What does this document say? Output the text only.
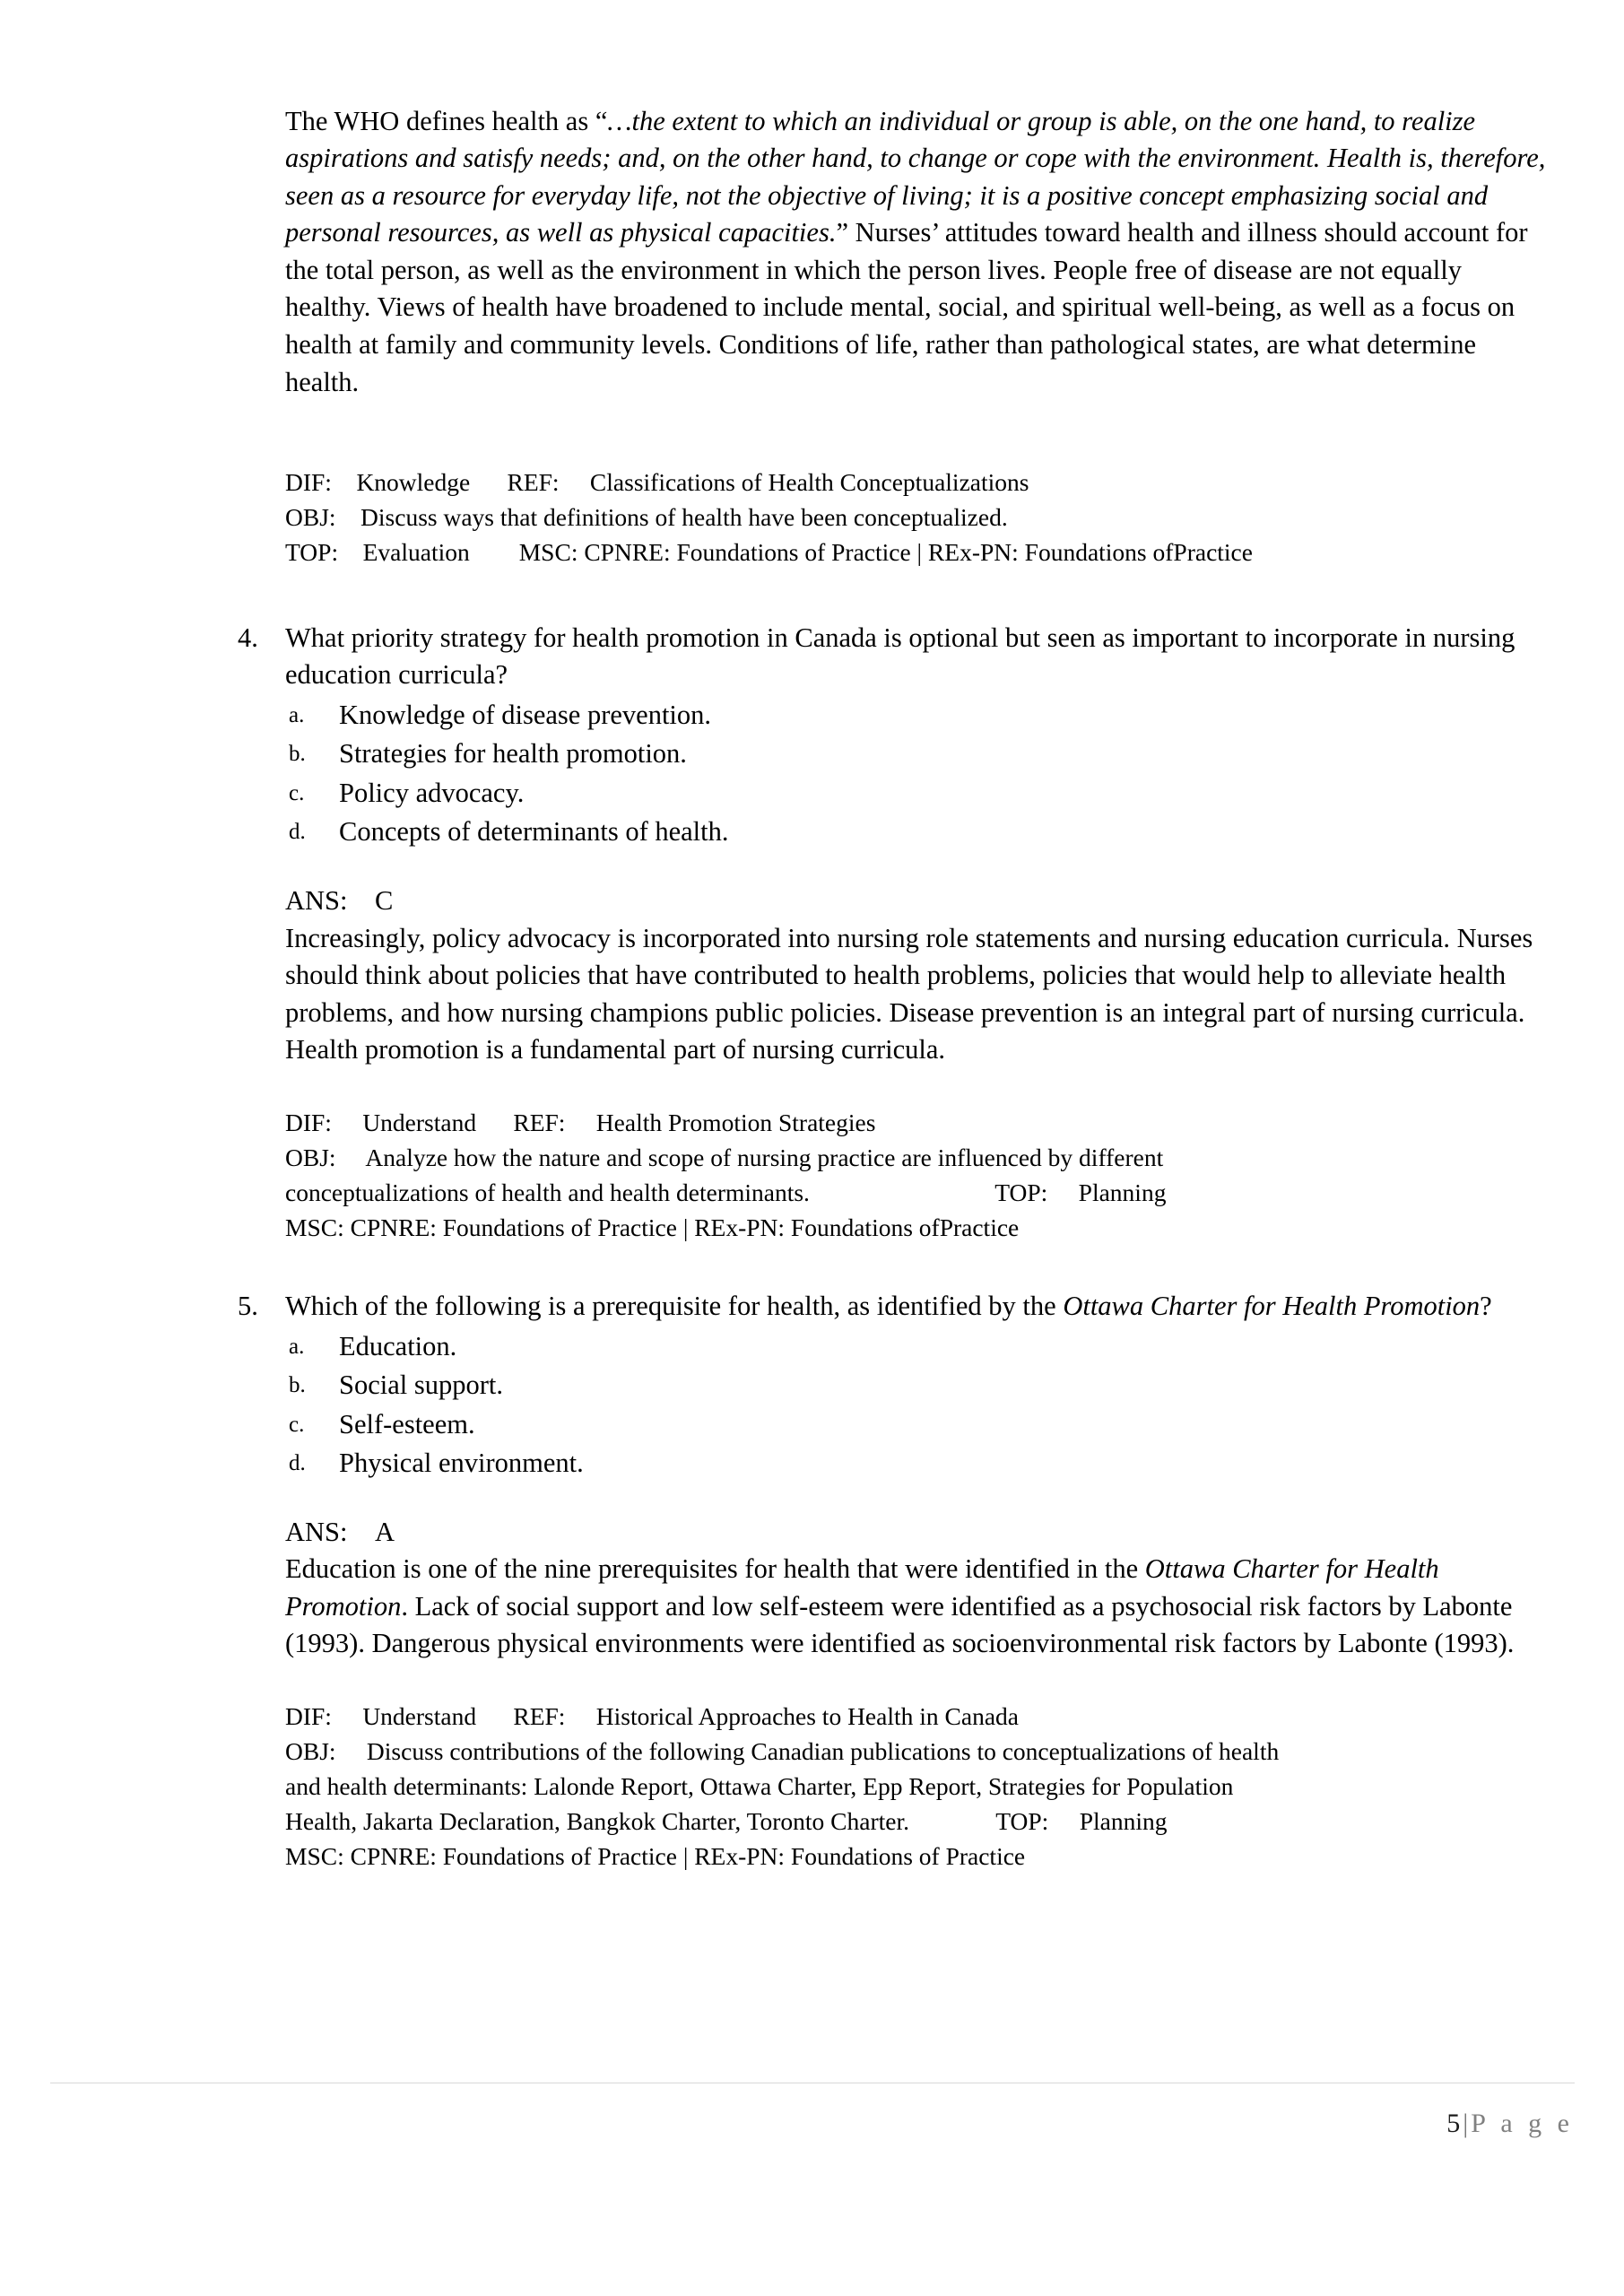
The WHO defines health as “…the extent to which an individual or group is able, on the one hand, to realize aspirations and satisfy needs; and, on the other hand, to change or cope with the environment. Health is, therefore, seen as a resource for everyday life, not the objective of living; it is a positive concept emphasizing social and personal resources, as well as physical capacities.” Nurses’ attitudes toward health and illness should account for the total person, as well as the environment in which the person lives. People free of disease are not equally healthy. Views of health have broadened to include mental, social, and spiritual well-being, as well as a focus on health at family and community levels. Conditions of life, rather than pathological states, are what determine health.

DIF: Knowledge  REF:  Classifications of Health Conceptualizations
OBJ: Discuss ways that definitions of health have been conceptualized.
TOP: Evaluation  MSC: CPNRE: Foundations of Practice | REx-PN: Foundations ofPractice
4. What priority strategy for health promotion in Canada is optional but seen as important to incorporate in nursing education curricula?
a. Knowledge of disease prevention.
b. Strategies for health promotion.
c. Policy advocacy.
d. Concepts of determinants of health.
ANS:  C
Increasingly, policy advocacy is incorporated into nursing role statements and nursing education curricula. Nurses should think about policies that have contributed to health problems, policies that would help to alleviate health problems, and how nursing champions public policies. Disease prevention is an integral part of nursing curricula. Health promotion is a fundamental part of nursing curricula.
DIF:  Understand  REF:  Health Promotion Strategies
OBJ:  Analyze how the nature and scope of nursing practice are influenced by different
conceptualizations of health and health determinants.        	TOP:  Planning
MSC: CPNRE: Foundations of Practice | REx-PN: Foundations ofPractice
5. Which of the following is a prerequisite for health, as identified by the Ottawa Charter for Health Promotion?
a. Education.
b. Social support.
c. Self-esteem.
d. Physical environment.
ANS:  A
Education is one of the nine prerequisites for health that were identified in the Ottawa Charter for Health Promotion. Lack of social support and low self-esteem were identified as a psychosocial risk factors by Labonte (1993). Dangerous physical environments were identified as socioenvironmental risk factors by Labonte (1993).
DIF:  Understand  REF:  Historical Approaches to Health in Canada
OBJ:  Discuss contributions of the following Canadian publications to conceptualizations of health
and health determinants: Lalonde Report, Ottawa Charter, Epp Report, Strategies for Population
Health, Jakarta Declaration, Bangkok Charter, Toronto Charter.    	TOP:  Planning
MSC: CPNRE: Foundations of Practice | REx-PN: Foundations of Practice
5 | P a g e
